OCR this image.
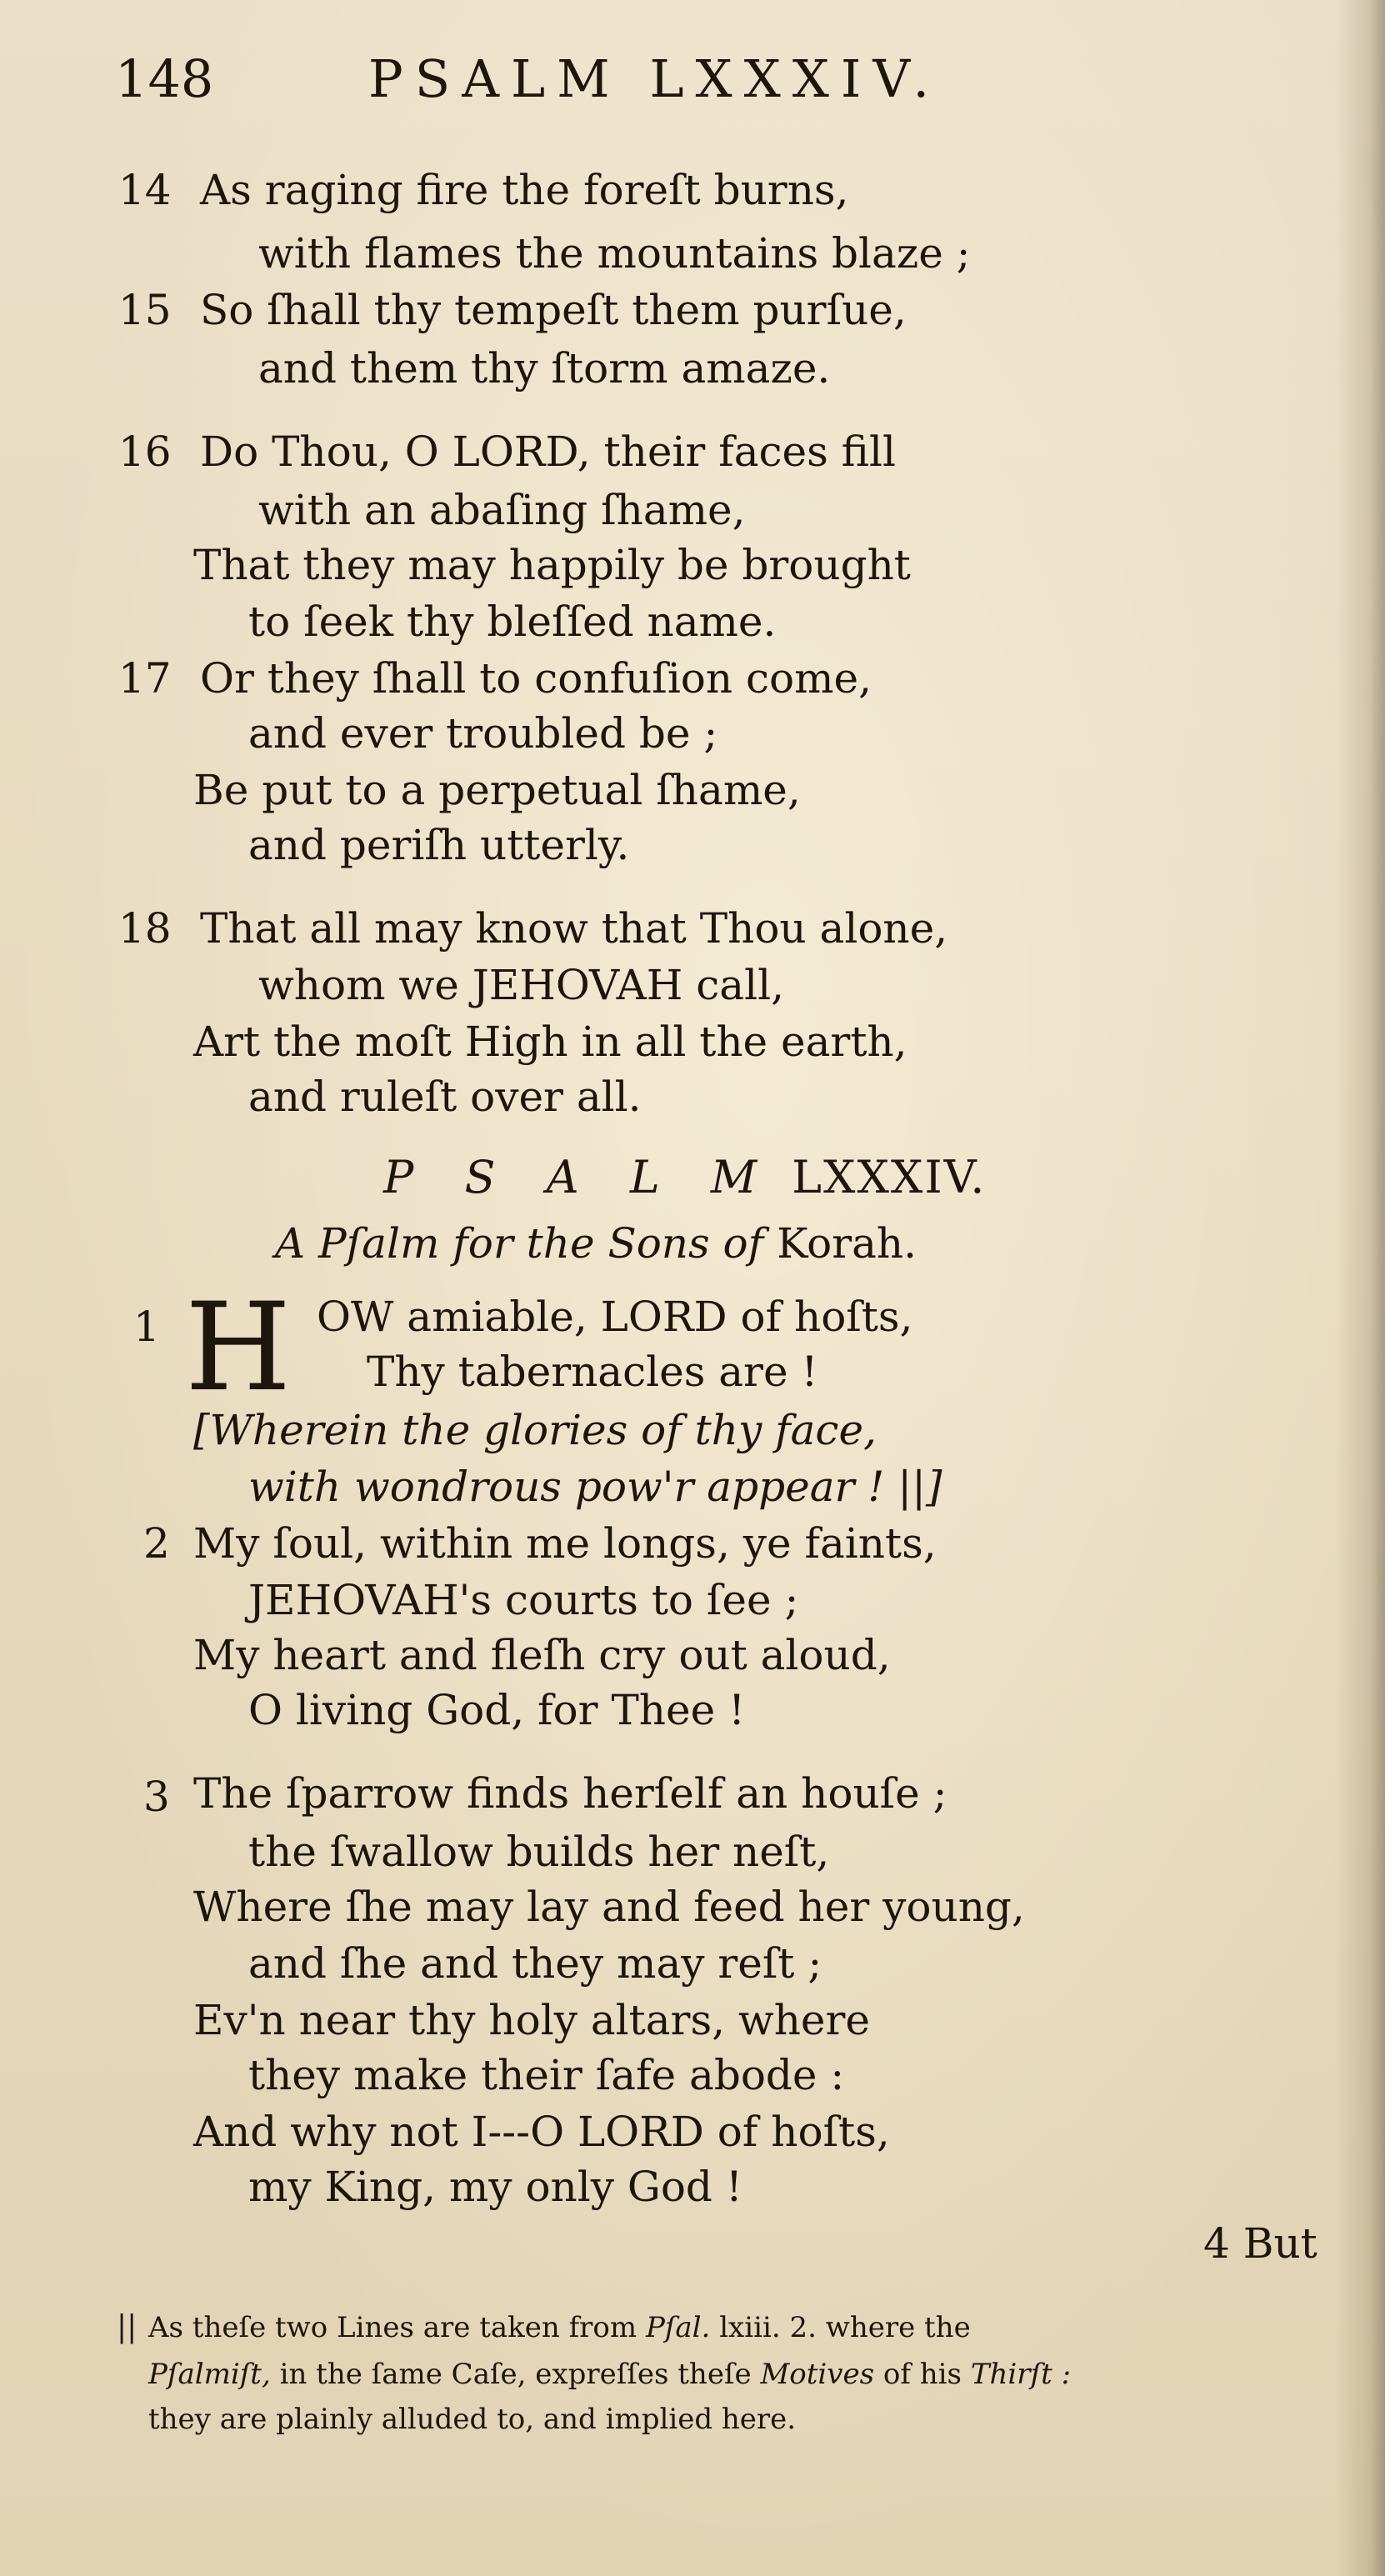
148	PSALM LXXXIV.
14 As raging fire the foreſt burns,
with flames the mountains blaze ;
15 So ſhall thy tempeſt them purſue,
and them thy ſtorm amaze.
16 Do Thou, O LORD, their faces fill
with an abaſing ſhame,
That they may happily be brought
to ſeek thy bleſſed name.
17 Or they ſhall to confuſion come,
and ever troubled be ;
Be put to a perpetual ſhame,
and periſh utterly.
18 That all may know that Thou alone,
whom we JEHOVAH call,
Art the moſt High in all the earth,
and ruleſt over all.
P S A L M LXXXIV.
A Pſalm for the Sons of Korah.
1 H OW amiable, LORD of hoſts,
Thy tabernacles are !
[Wherein the glories of thy face,
with wondrous pow'r appear ! ||]
2 My ſoul, within me longs, ye faints,
JEHOVAH's courts to ſee ;
My heart and fleſh cry out aloud,
O living God, for Thee !
3 The ſparrow finds herſelf an houſe ;
the ſwallow builds her neſt,
Where ſhe may lay and feed her young,
and ſhe and they may reſt ;
Ev'n near thy holy altars, where
they make their ſafe abode :
And why not I---O LORD of hoſts,
my King, my only God !
4 But
|| As theſe two Lines are taken from Pſal. lxiii. 2. where the
Pſalmiſt, in the ſame Caſe, expreſſes theſe Motives of his Thirſt :
they are plainly alluded to, and implied here.
